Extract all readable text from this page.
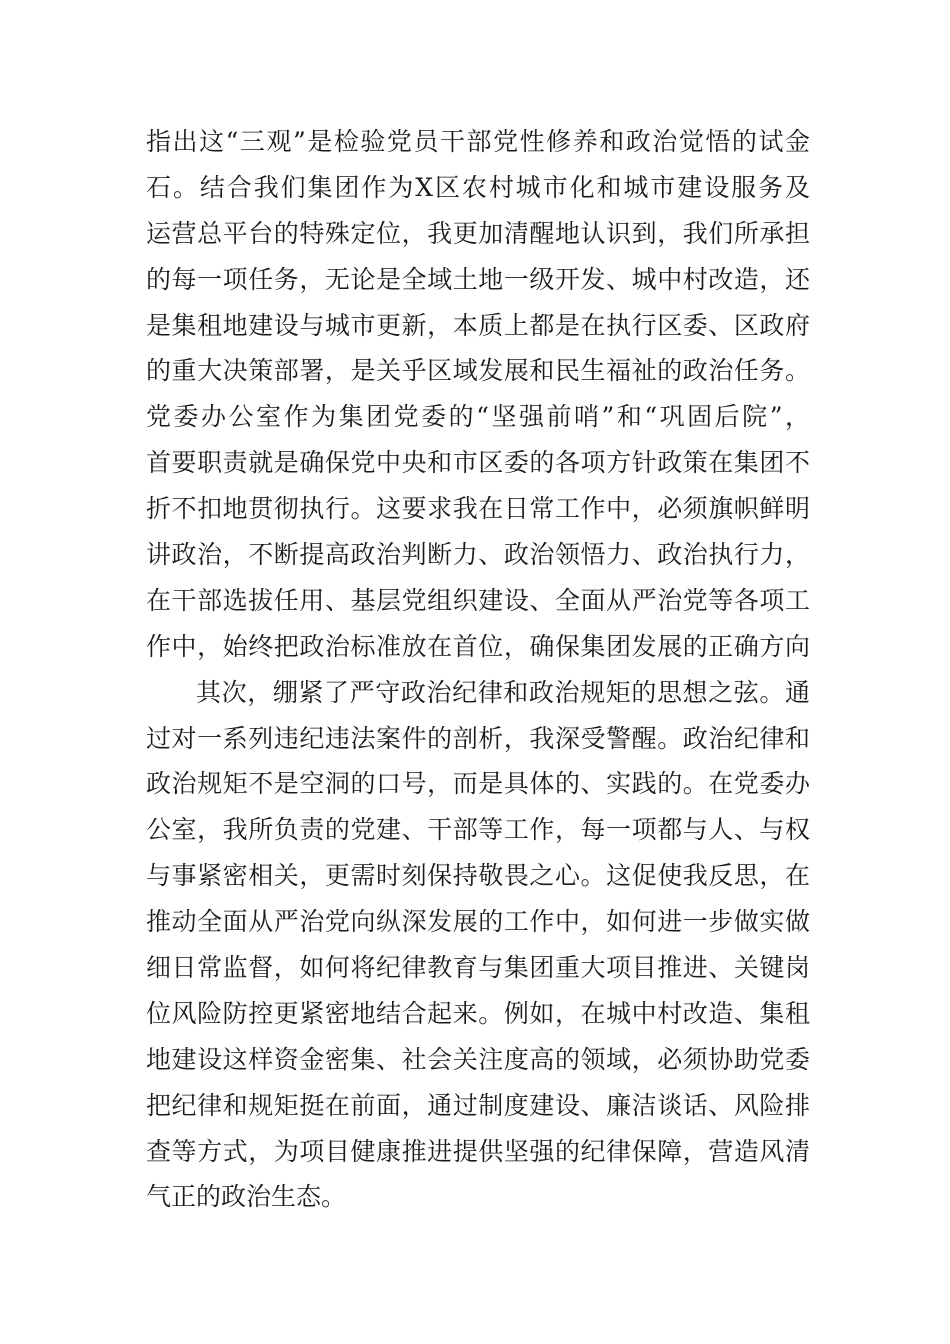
指出这“三观”是检验党员干部党性修养和政治觉悟的试金
石。结合我们集团作为X区农村城市化和城市建设服务及
运营总平台的特殊定位，我更加清醒地认识到，我们所承担
的每一项任务，无论是全域土地一级开发、城中村改造，还
是集租地建设与城市更新，本质上都是在执行区委、区政府
的重大决策部署，是关乎区域发展和民生福祉的政治任务。
党委办公室作为集团党委的“坚强前哨”和“巩固后院”，
首要职责就是确保党中央和市区委的各项方针政策在集团不
折不扣地贯彻执行。这要求我在日常工作中，必须旗帜鲜明
讲政治，不断提高政治判断力、政治领悟力、政治执行力，
在干部选拔任用、基层党组织建设、全面从严治党等各项工
作中，始终把政治标准放在首位，确保集团发展的正确方向
其次，绷紧了严守政治纪律和政治规矩的思想之弦。通
过对一系列违纪违法案件的剖析，我深受警醒。政治纪律和
政治规矩不是空洞的口号，而是具体的、实践的。在党委办
公室，我所负责的党建、干部等工作，每一项都与人、与权
与事紧密相关，更需时刻保持敬畏之心。这促使我反思，在
推动全面从严治党向纵深发展的工作中，如何进一步做实做
细日常监督，如何将纪律教育与集团重大项目推进、关键岗
位风险防控更紧密地结合起来。例如，在城中村改造、集租
地建设这样资金密集、社会关注度高的领域，必须协助党委
把纪律和规矩挺在前面，通过制度建设、廉洁谈话、风险排
查等方式，为项目健康推进提供坚强的纪律保障，营造风清
气正的政治生态。
